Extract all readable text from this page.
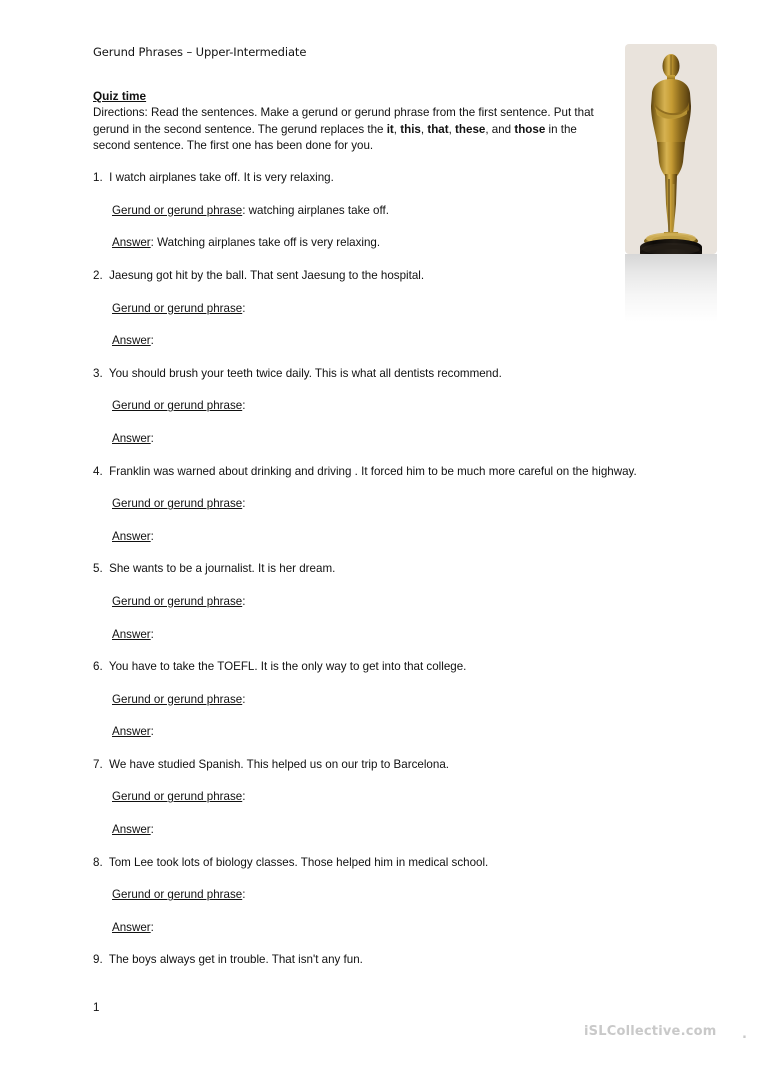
Gerund Phrases – Upper-Intermediate
Quiz time

Directions: Read the sentences. Make a gerund or gerund phrase from the first sentence. Put that gerund in the second sentence. The gerund replaces the it, this, that, these, and those in the second sentence. The first one has been done for you.

1. I watch airplanes take off. It is very relaxing.

Gerund or gerund phrase: watching airplanes take off.

Answer: Watching airplanes take off is very relaxing.

2. Jaesung got hit by the ball. That sent Jaesung to the hospital.

Gerund or gerund phrase:

Answer:

3. You should brush your teeth twice daily. This is what all dentists recommend.

Gerund or gerund phrase:

Answer:

4. Franklin was warned about drinking and driving . It forced him to be much more careful on the highway.

Gerund or gerund phrase:

Answer:

5. She wants to be a journalist. It is her dream.

Gerund or gerund phrase:

Answer:

6. You have to take the TOEFL. It is the only way to get into that college.

Gerund or gerund phrase:

Answer:

7. We have studied Spanish. This helped us on our trip to Barcelona.

Gerund or gerund phrase:

Answer:

8. Tom Lee took lots of biology classes. Those helped him in medical school.

Gerund or gerund phrase:

Answer:

9. The boys always get in trouble. That isn't any fun.

1
iSLCollective.com .
